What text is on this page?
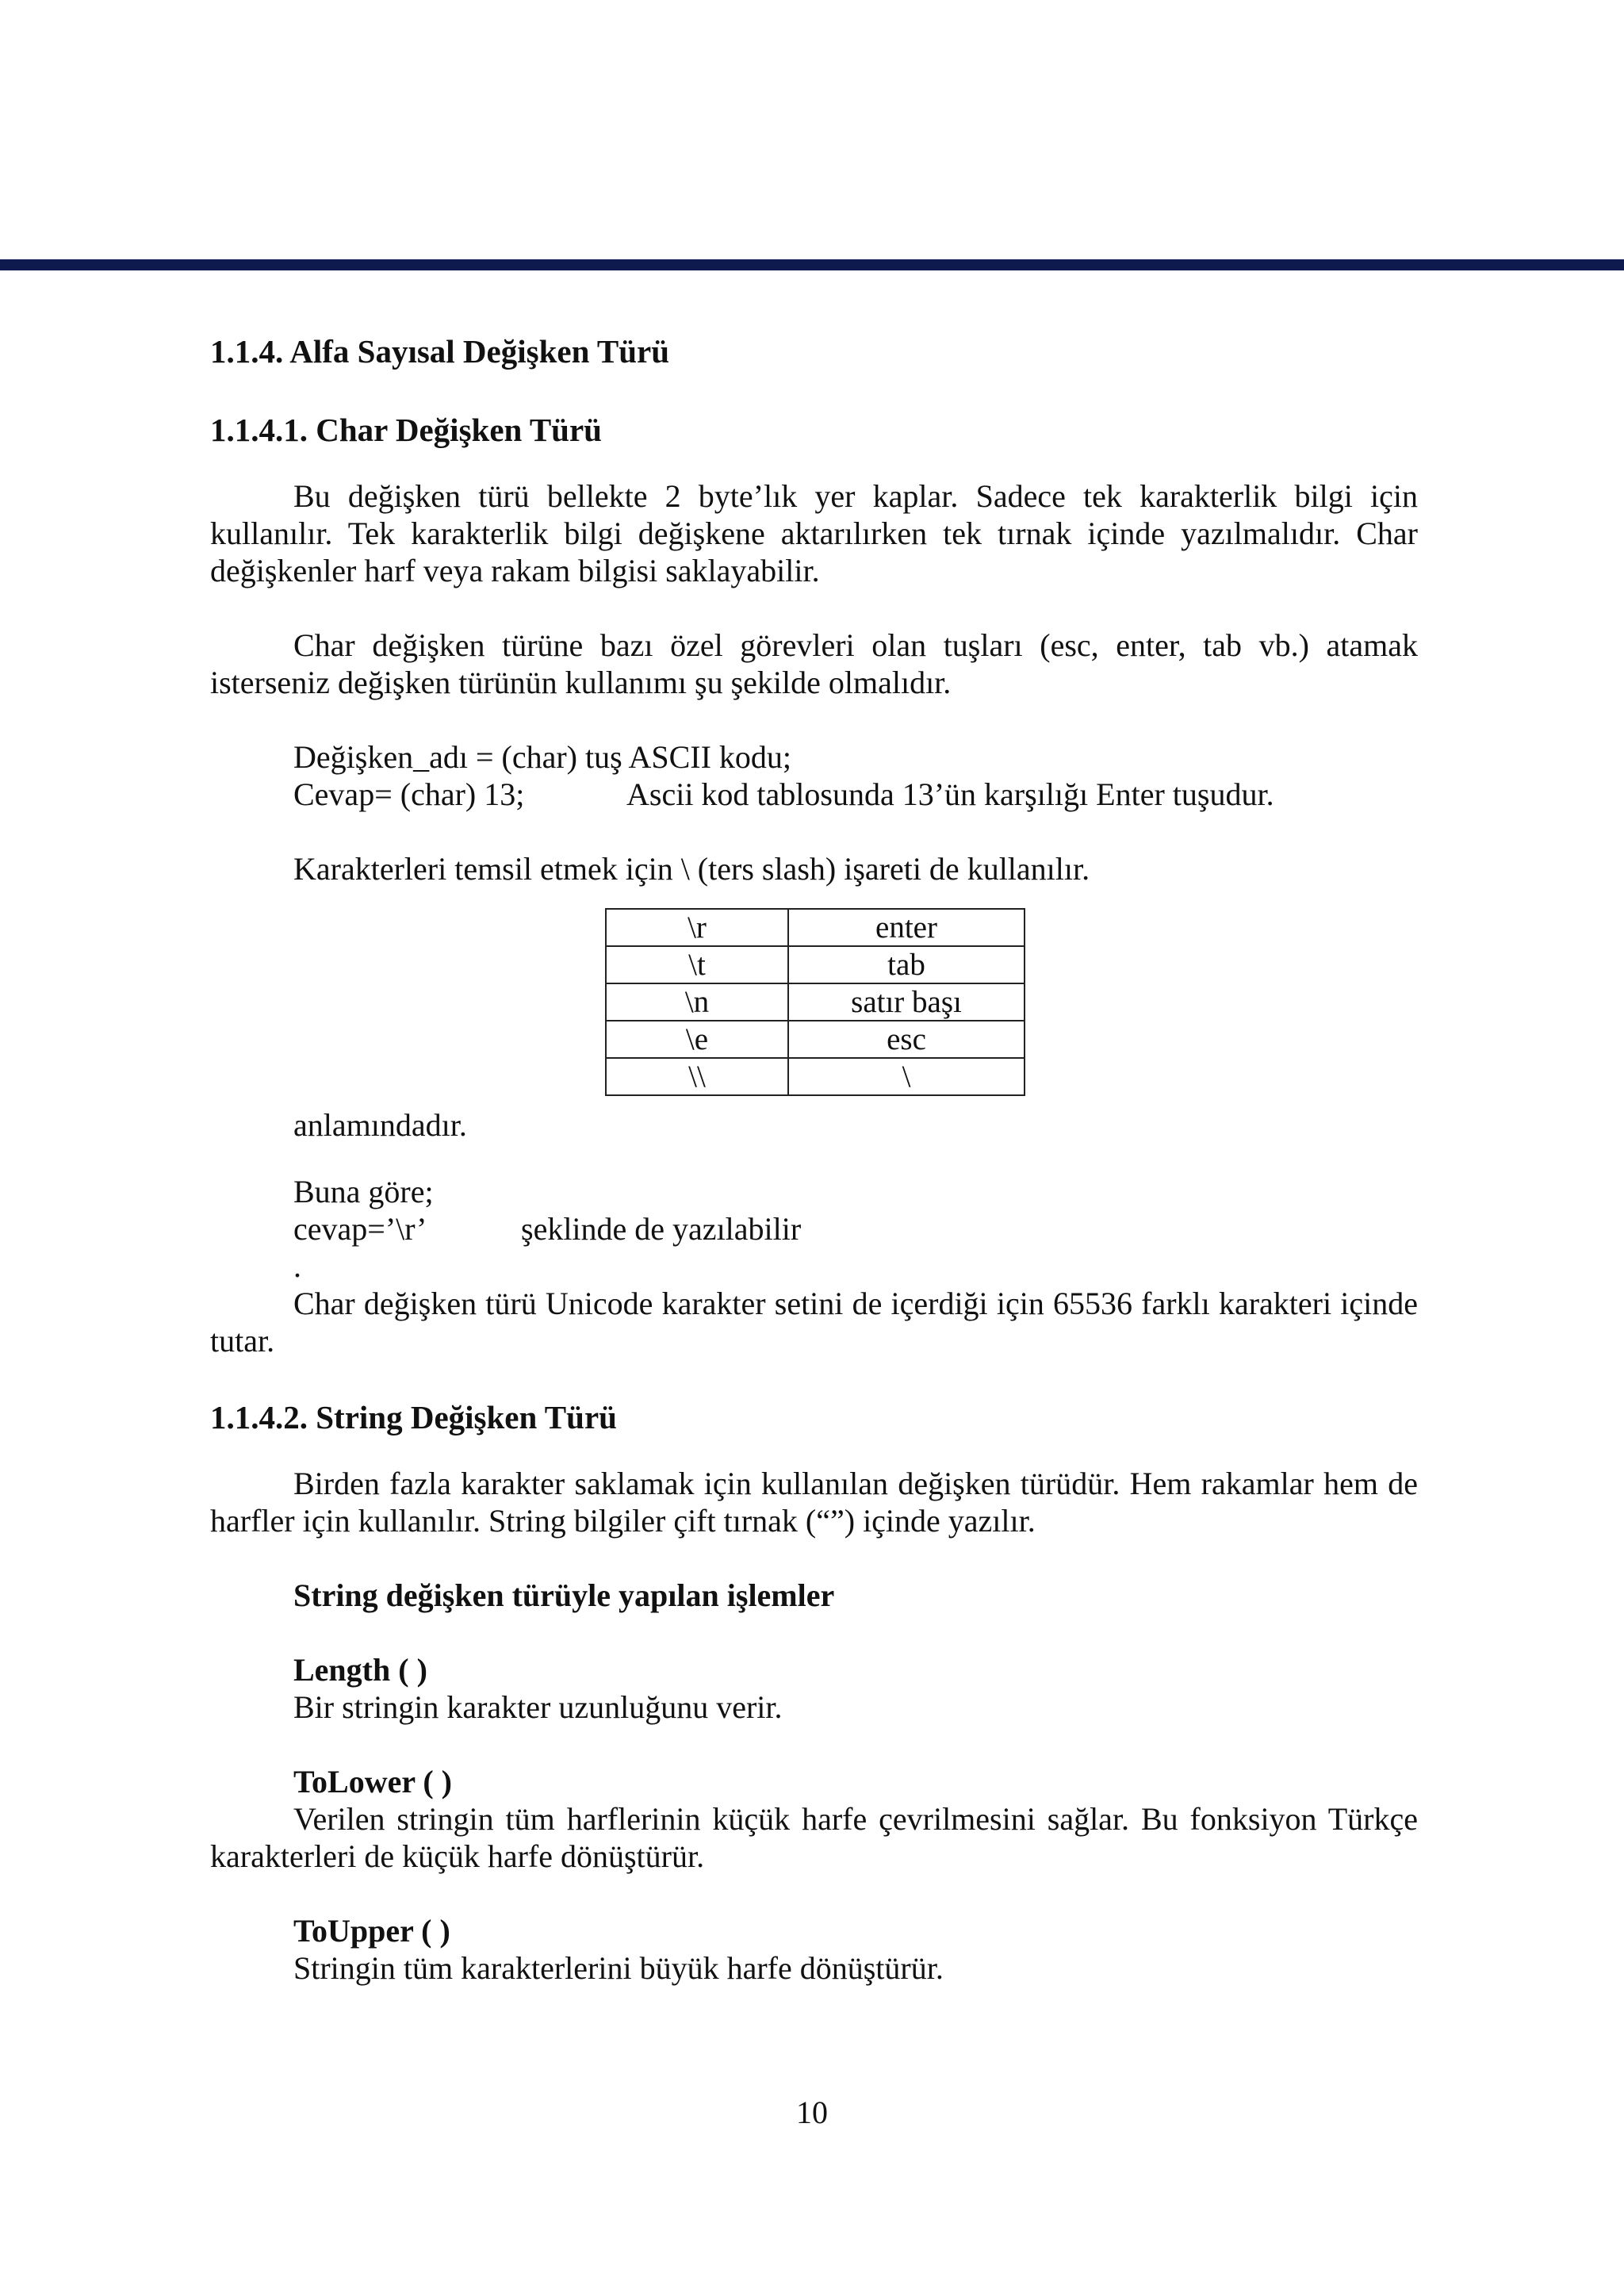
1.1.4. Alfa Sayısal Değişken Türü
1.1.4.1. Char Değişken Türü

Bu değişken türü bellekte 2 byte’lık yer kaplar. Sadece tek karakterlik bilgi için kullanılır. Tek karakterlik bilgi değişkene aktarılırken tek tırnak içinde yazılmalıdır. Char değişkenler harf veya rakam bilgisi saklayabilir.

Char değişken türüne bazı özel görevleri olan tuşları (esc, enter, tab vb.) atamak isterseniz değişken türünün kullanımı şu şekilde olmalıdır.

Değişken_adı = (char) tuş ASCII kodu;

Cevap= (char) 13;	Ascii kod tablosunda 13’ün karşılığı Enter tuşudur.

Karakterleri temsil etmek için \ (ters slash) işareti de kullanılır.

\r	enter
\t	tab
\n	satır başı
\e	esc
\\	\
anlamındadır.

Buna göre;

cevap=’\r’	şeklinde de yazılabilir

.

Char değişken türü Unicode karakter setini de içerdiği için 65536 farklı karakteri içinde tutar.

1.1.4.2. String Değişken Türü

Birden fazla karakter saklamak için kullanılan değişken türüdür. Hem rakamlar hem de harfler için kullanılır. String bilgiler çift tırnak (“”) içinde yazılır.

String değişken türüyle yapılan işlemler

Length ( )

Bir stringin karakter uzunluğunu verir.

ToLower ( )

Verilen stringin tüm harflerinin küçük harfe çevrilmesini sağlar. Bu fonksiyon Türkçe karakterleri de küçük harfe dönüştürür.

ToUpper ( )

Stringin tüm karakterlerini büyük harfe dönüştürür.

10
